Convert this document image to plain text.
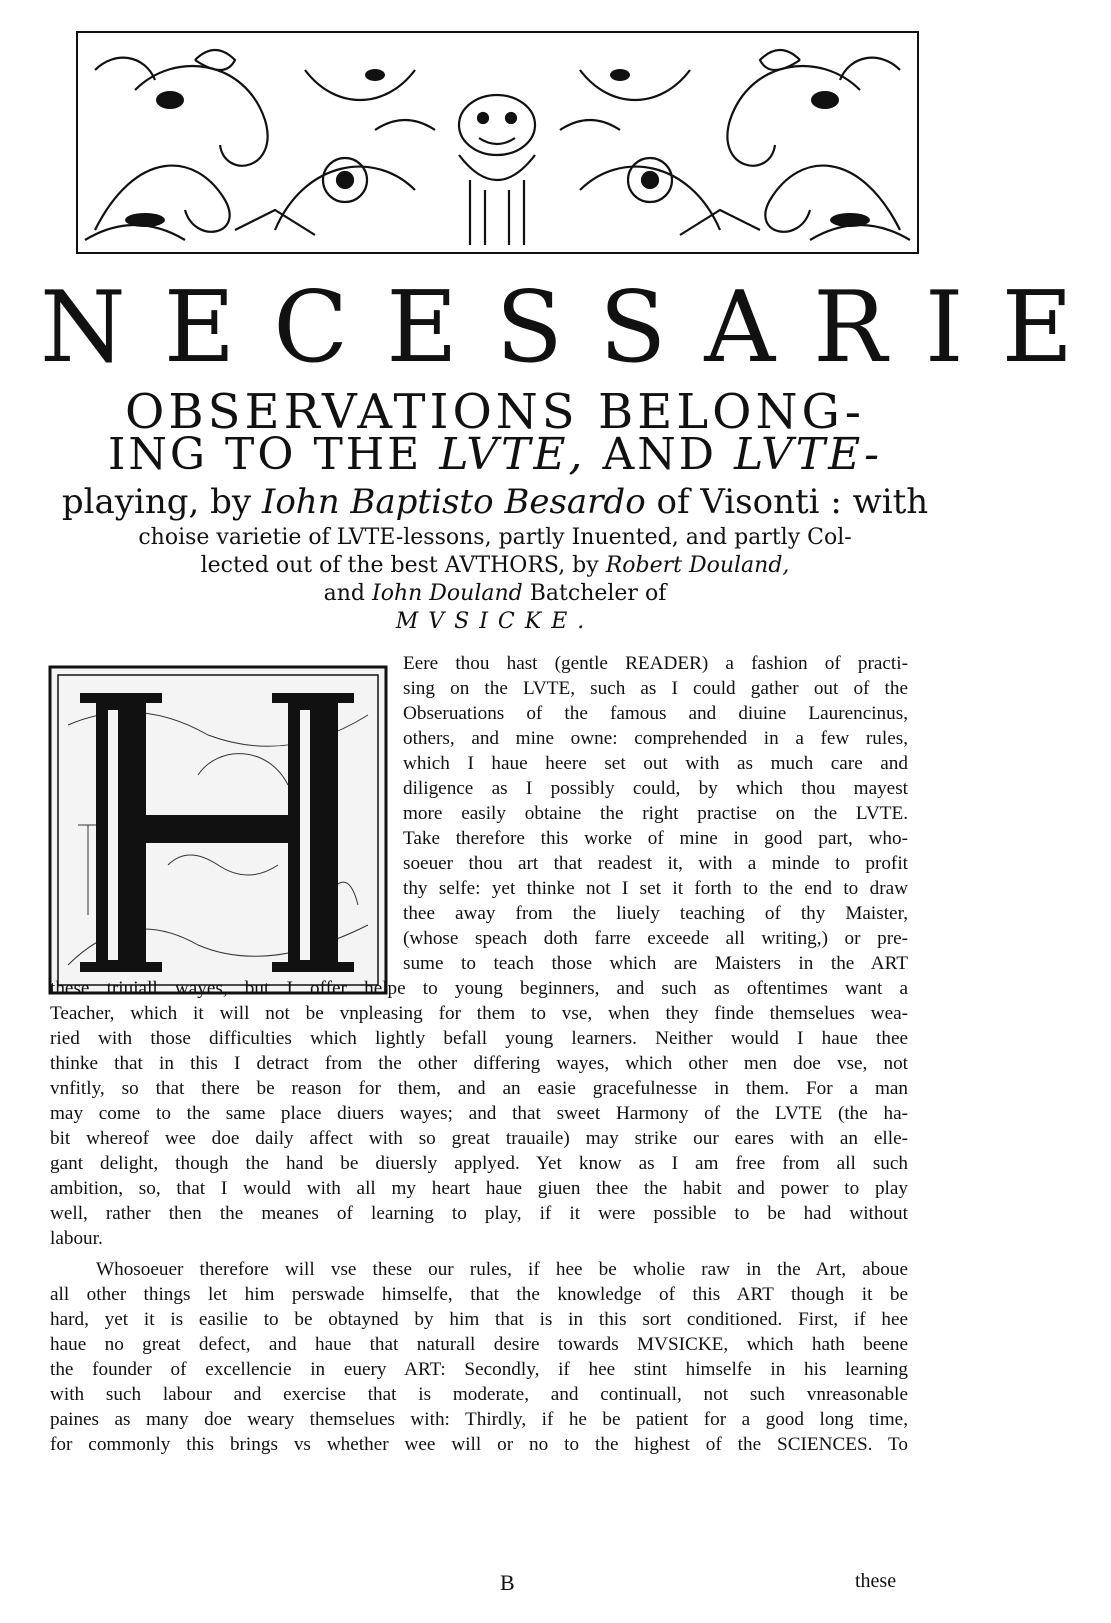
NECESSARIE
OBSERVATIONS BELONG-
ING TO THE LVTE, AND LVTE-
playing, by Iohn Baptisto Besardo of Visonti : with
choise varietie of LVTE-lessons, partly Inuented, and partly Col-
lected out of the best AVTHORS, by Robert Douland,
and Iohn Douland Batcheler of
MVSICKE.
Eere thou hast (gentle READER) a fashion of practi-
sing on the LVTE, such as I could gather out of the
Obseruations of the famous and diuine Laurencinus,
others, and mine owne: comprehended in a few rules,
which I haue heere set out with as much care and
diligence as I possibly could, by which thou mayest
more easily obtaine the right practise on the LVTE.
Take therefore this worke of mine in good part, who-
soeuer thou art that readest it, with a minde to profit
thy selfe: yet thinke not I set it forth to the end to draw
thee away from the liuely teaching of thy Maister,
(whose speach doth farre exceede all writing,) or pre-
sume to teach those which are Maisters in the ART
these triuiall wayes, but I offer helpe to young beginners, and such as oftentimes want a
Teacher, which it will not be vnpleasing for them to vse, when they finde themselues wea-
ried with those difficulties which lightly befall young learners. Neither would I haue thee
thinke that in this I detract from the other differing wayes, which other men doe vse, not
vnfitly, so that there be reason for them, and an easie gracefulnesse in them. For a man
may come to the same place diuers wayes; and that sweet Harmony of the LVTE (the ha-
bit whereof wee doe daily affect with so great trauaile) may strike our eares with an elle-
gant delight, though the hand be diuersly applyed. Yet know as I am free from all such
ambition, so, that I would with all my heart haue giuen thee the habit and power to play
well, rather then the meanes of learning to play, if it were possible to be had without
labour.
Whosoeuer therefore will vse these our rules, if hee be wholie raw in the Art, aboue
all other things let him perswade himselfe, that the knowledge of this ART though it be
hard, yet it is easilie to be obtayned by him that is in this sort conditioned. First, if hee
haue no great defect, and haue that naturall desire towards MVSICKE, which hath beene
the founder of excellencie in euery ART: Secondly, if hee stint himselfe in his learning
with such labour and exercise that is moderate, and continuall, not such vnreasonable
paines as many doe weary themselues with: Thirdly, if he be patient for a good long time,
for commonly this brings vs whether wee will or no to the highest of the SCIENCES. To
B	these
